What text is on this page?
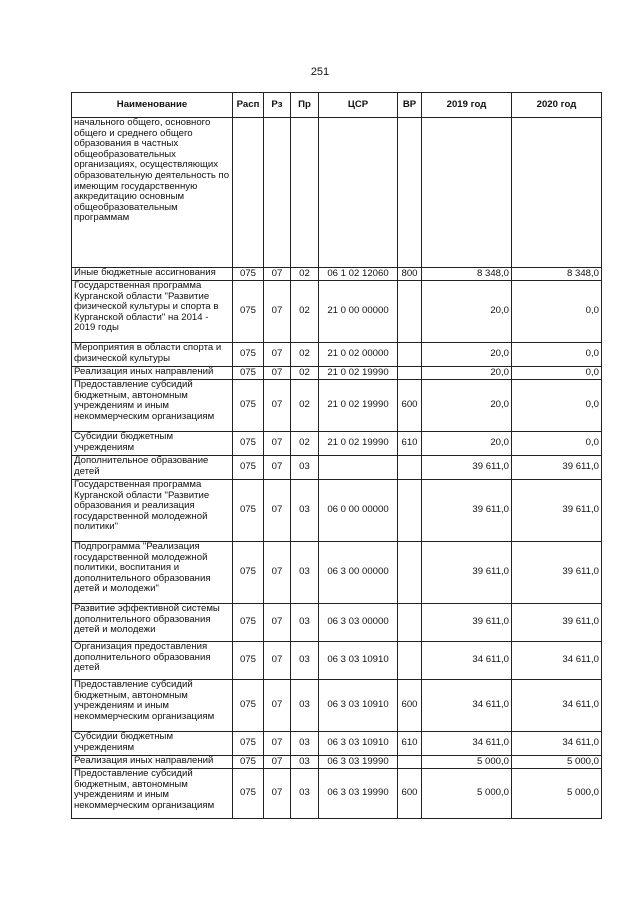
251
Наименование	Расп	Рз	Пр	ЦСР	ВР	2019 год	2020 год
начального общего, основного общего и среднего общего образования в частных общеобразовательных организациях, осуществляющих образовательную деятельность по имеющим государственную аккредитацию основным общеобразовательным программам							
Иные бюджетные ассигнования	075	07	02	06 1 02 12060	800	8 348,0	8 348,0
Государственная программа Курганской области "Развитие физической культуры и спорта в Курганской области" на 2014 - 2019 годы	075	07	02	21 0 00 00000		20,0	0,0
Мероприятия в области спорта и физической культуры	075	07	02	21 0 02 00000		20,0	0,0
Реализация иных направлений	075	07	02	21 0 02 19990		20,0	0,0
Предоставление субсидий бюджетным, автономным учреждениям и иным некоммерческим организациям	075	07	02	21 0 02 19990	600	20,0	0,0
Субсидии бюджетным учреждениям	075	07	02	21 0 02 19990	610	20,0	0,0
Дополнительное образование детей	075	07	03			39 611,0	39 611,0
Государственная программа Курганской области "Развитие образования и реализация государственной молодежной политики"	075	07	03	06 0 00 00000		39 611,0	39 611,0
Подпрограмма "Реализация государственной молодежной политики, воспитания и дополнительного образования детей и молодежи"	075	07	03	06 3 00 00000		39 611,0	39 611,0
Развитие эффективной системы дополнительного образования детей и молодежи	075	07	03	06 3 03 00000		39 611,0	39 611,0
Организация предоставления дополнительного образования детей	075	07	03	06 3 03 10910		34 611,0	34 611,0
Предоставление субсидий бюджетным, автономным учреждениям и иным некоммерческим организациям	075	07	03	06 3 03 10910	600	34 611,0	34 611,0
Субсидии бюджетным учреждениям	075	07	03	06 3 03 10910	610	34 611,0	34 611,0
Реализация иных направлений	075	07	03	06 3 03 19990		5 000,0	5 000,0
Предоставление субсидий бюджетным, автономным учреждениям и иным некоммерческим организациям	075	07	03	06 3 03 19990	600	5 000,0	5 000,0
